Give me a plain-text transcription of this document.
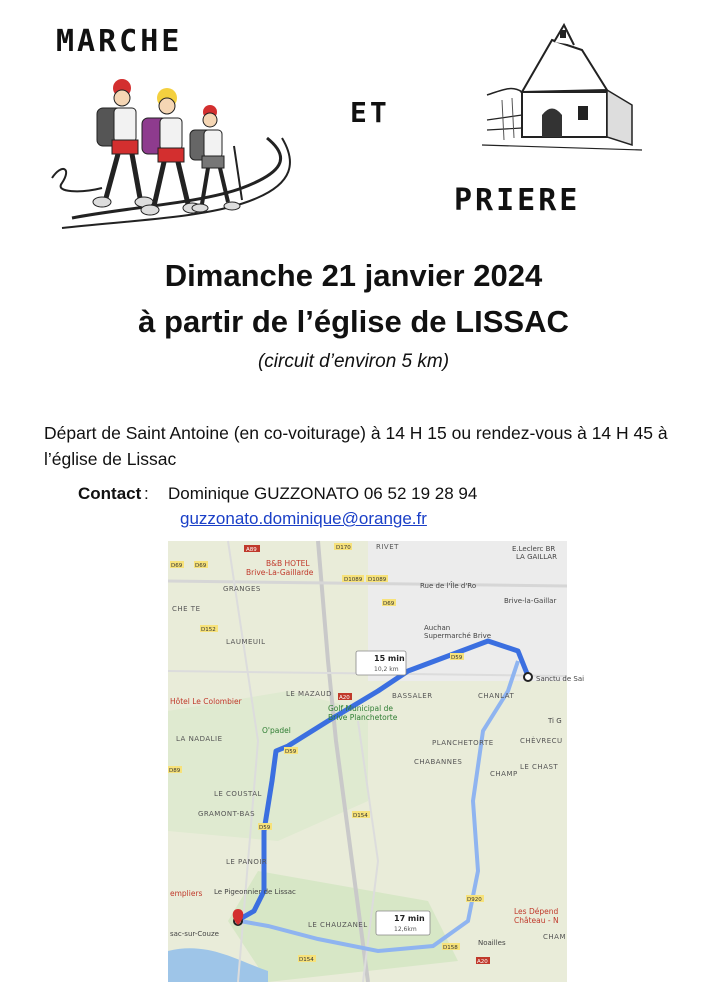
MARCHE
ET
PRIERE
Dimanche 21 janvier 2024
à partir de l’église de LISSAC
(circuit d’environ 5 km)
Départ de Saint Antoine (en co-voiturage) à 14 H 15 ou rendez-vous à 14 H 45 à l’église de Lissac
Contact : Dominique GUZZONATO 06 52 19 28 94
guzzonato.dominique@orange.fr
15 min
10,2 km
17 min
12,6km
GRANGES
LAUMEUIL
LE MAZAUD	BASSALER	CHANLAT
LA NADALIE	PLANCHETORTE	CHÈVRECU
CHABANNES
CHAMP
LE CHAST
LE COUSTAL
GRAMONT-BAS
LE PANOIR
LE CHAUZANEL
RIVET
Noailles
CHAM
CHE TE
Ti G
Brive-la-Gaillar
Rue de l'Île d'Ro
sac-sur-Couze
Sanctu de Sai
B&B HOTEL
Brive-La-Gaillarde
Hôtel Le Colombier
O'padel
Golf Municipal de
Brive Planchetorte
Auchan
Supermarché Brive
E.Leclerc BR
LA GAILLAR
Le Pigeonnier de Lissac
empliers
Les Dépend
Château - N
A89	D170
D69 D69
D1089 D1089
D69
D152
A20
D59
D59
D59
D154
D154
D158
D920
A20
D89
